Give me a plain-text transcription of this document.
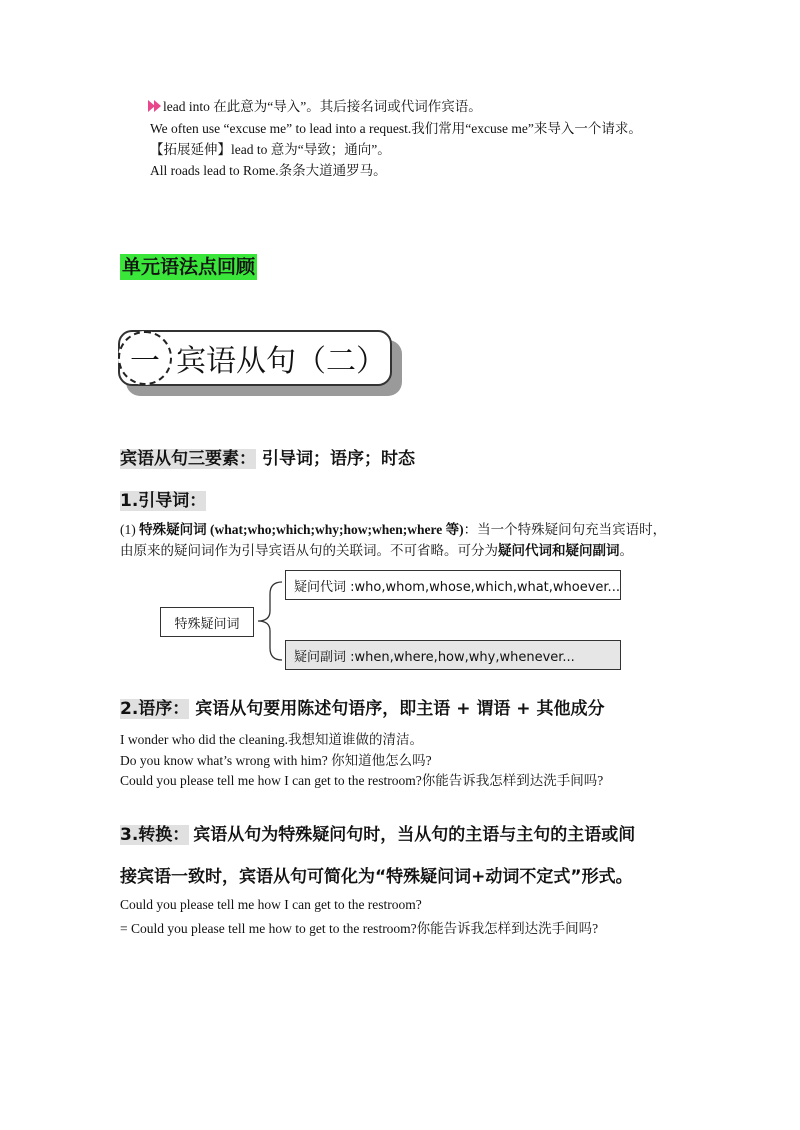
lead into 在此意为“导入”。其后接名词或代词作宾语。
We often use “excuse me” to lead into a request.我们常用“excuse me”来导入一个请求。
【拓展延伸】lead to 意为“导致；通向”。
All roads lead to Rome.条条大道通罗马。
单元语法点回顾
一 宾语从句（二）
宾语从句三要素： 引导词；语序；时态
1.引导词：
(1) 特殊疑问词 (what;who;which;why;how;when;where 等)：当一个特殊疑问句充当宾语时，
由原来的疑问词作为引导宾语从句的关联词。不可省略。可分为疑问代词和疑问副词。
特殊疑问词
疑问代词 :who,whom,whose,which,what,whoever...
疑问副词 :when,where,how,why,whenever...
2.语序： 宾语从句要用陈述句语序，即主语 + 谓语 + 其他成分
I wonder who did the cleaning.我想知道谁做的清洁。
Do you know what’s wrong with him? 你知道他怎么吗?
Could you please tell me how I can get to the restroom?你能告诉我怎样到达洗手间吗?
3.转换： 宾语从句为特殊疑问句时，当从句的主语与主句的主语或间
接宾语一致时，宾语从句可简化为“特殊疑问词+动词不定式”形式。
Could you please tell me how I can get to the restroom?
= Could you please tell me how to get to the restroom?你能告诉我怎样到达洗手间吗?
